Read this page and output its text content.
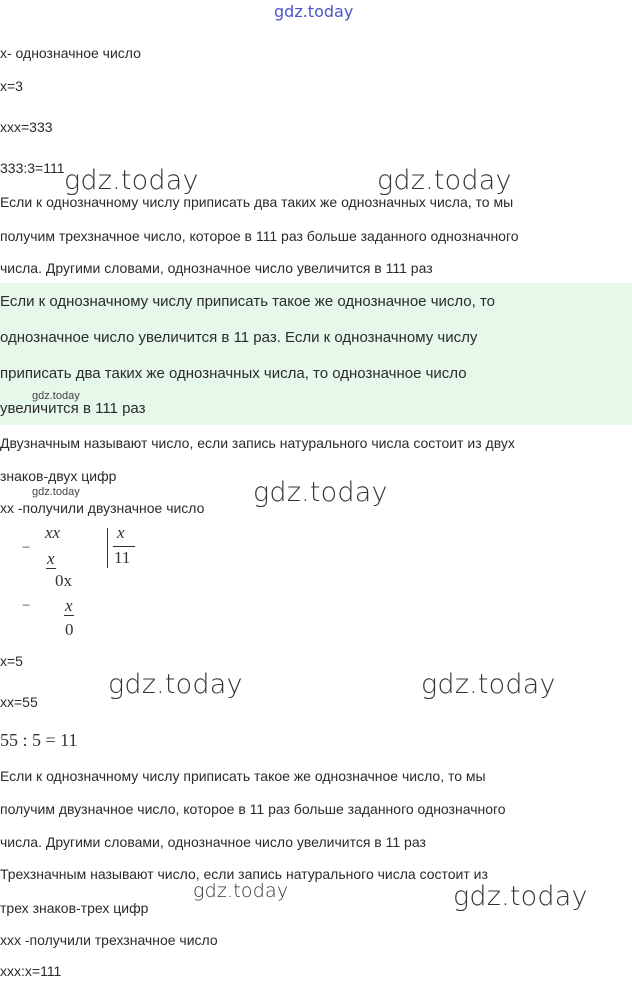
gdz.today
x- однозначное число
x=3
xxx=333
333:3=111
Если к однозначному числу приписать два таких же однозначных числа, то мы
получим трехзначное число, которое в 111 раз больше заданного однозначного
числа. Другими словами, однозначное число увеличится в 111 раз
Если к однозначному числу приписать такое же однозначное число, то
однозначное число увеличится в 11 раз. Если к однозначному числу
приписать два таких же однозначных числа, то однозначное число
увеличится в 111 раз
Двузначным называют число, если запись натурального числа состоит из двух
знаков-двух цифр
xx -получили двузначное число
−
xx
x
x
11
0x
− x
0
x=5
xx=55
55 : 5 = 11
Если к однозначному числу приписать такое же однозначное число, то мы
получим двузначное число, которое в 11 раз больше заданного однозначного
числа. Другими словами, однозначное число увеличится в 11 раз
Трехзначным называют число, если запись натурального числа состоит из
трех знаков-трех цифр
xxx -получили трехзначное число
xxx:x=111
gdz.today	gdz.today
gdz.today
gdz.today	gdz.today
gdz.today
gdz.today
gdz.today
gdz.today
